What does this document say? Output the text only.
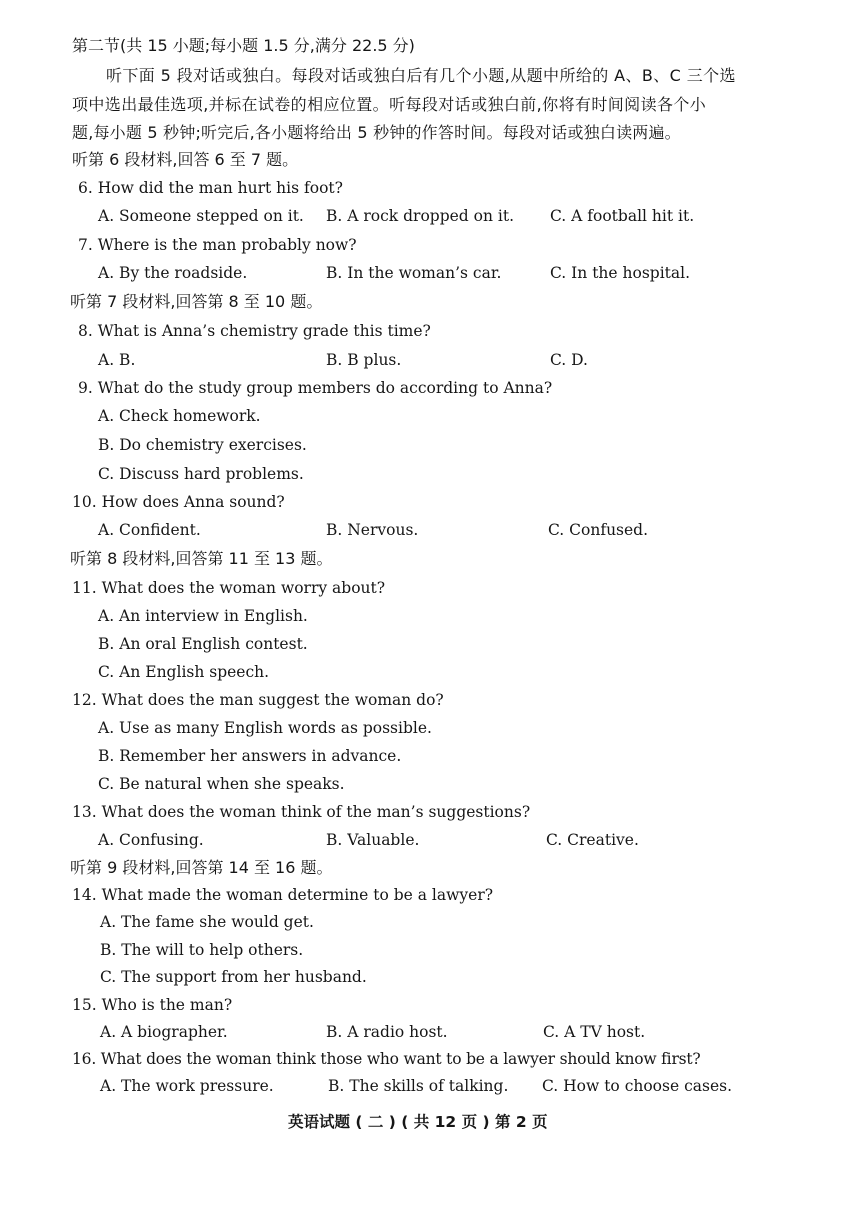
第二节(共 15 小题;每小题 1.5 分,满分 22.5 分)
听下面 5 段对话或独白。每段对话或独白后有几个小题,从题中所给的 A、B、C 三个选
项中选出最佳选项,并标在试卷的相应位置。听每段对话或独白前,你将有时间阅读各个小
题,每小题 5 秒钟;听完后,各小题将给出 5 秒钟的作答时间。每段对话或独白读两遍。
听第 6 段材料,回答 6 至 7 题。
6. How did the man hurt his foot?
A. Someone stepped on it. B. A rock dropped on it. C. A football hit it.
7. Where is the man probably now?
A. By the roadside.	B. In the woman’s car.	C. In the hospital.
听第 7 段材料,回答第 8 至 10 题。
8. What is Anna’s chemistry grade this time?
A. B.	B. B plus.	C. D.
9. What do the study group members do according to Anna?
A. Check homework.
B. Do chemistry exercises.
C. Discuss hard problems.
10. How does Anna sound?
A. Confident.	B. Nervous.	C. Confused.
听第 8 段材料,回答第 11 至 13 题。
11. What does the woman worry about?
A. An interview in English.
B. An oral English contest.
C. An English speech.
12. What does the man suggest the woman do?
A. Use as many English words as possible.
B. Remember her answers in advance.
C. Be natural when she speaks.
13. What does the woman think of the man’s suggestions?
A. Confusing.	B. Valuable.	C. Creative.
听第 9 段材料,回答第 14 至 16 题。
14. What made the woman determine to be a lawyer?
A. The fame she would get.
B. The will to help others.
C. The support from her husband.
15. Who is the man?
A. A biographer.	B. A radio host.	C. A TV host.
16. What does the woman think those who want to be a lawyer should know first?
A. The work pressure.	B. The skills of talking. C. How to choose cases.
英语试题 ( 二 ) ( 共 12 页 ) 第 2 页
